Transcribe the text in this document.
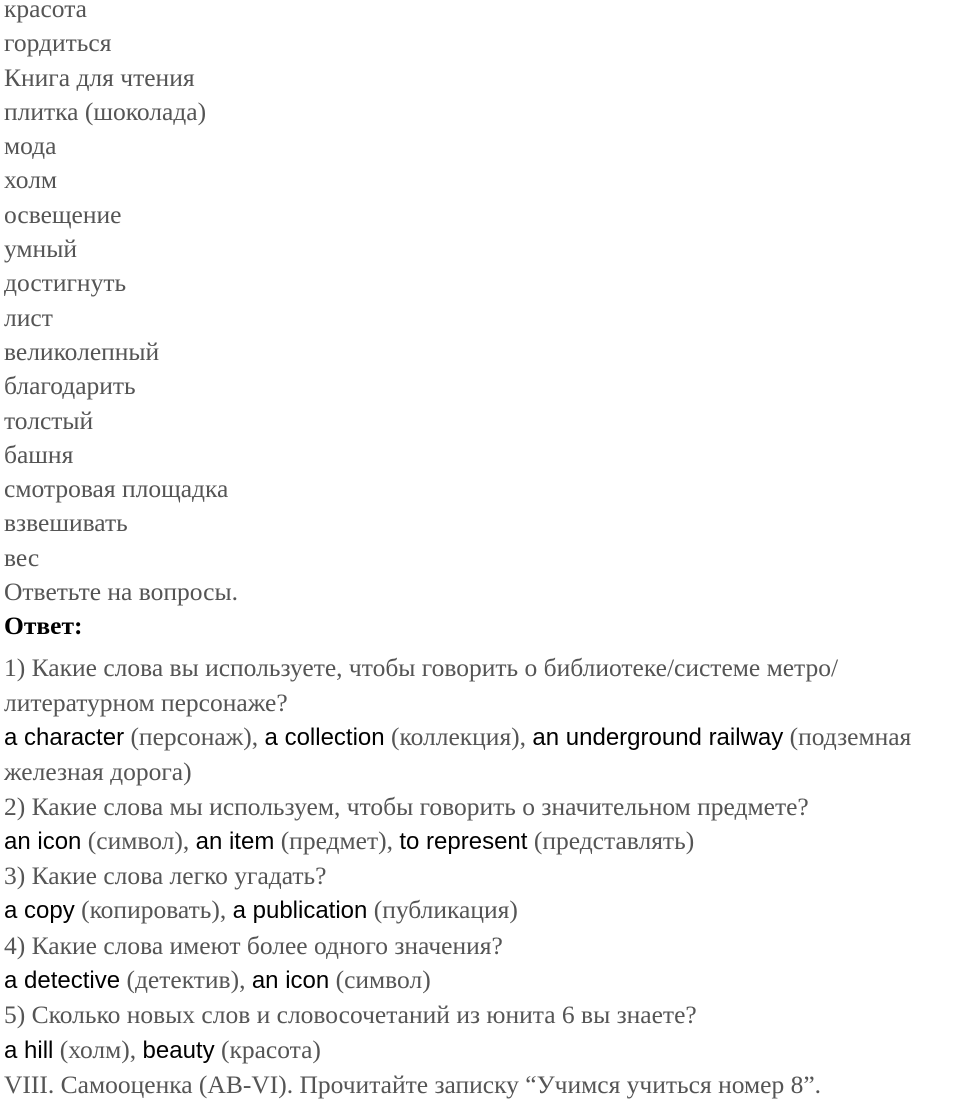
красота
гордиться
Книга для чтения
плитка (шоколада)
мода
холм
освещение
умный
достигнуть
лист
великолепный
благодарить
толстый
башня
смотровая площадка
взвешивать
вес
Ответьте на вопросы.
Ответ:
1) Какие слова вы используете, чтобы говорить о библиотеке/системе метро/литературном персонаже?
a character (персонаж), a collection (коллекция), an underground railway (подземная железная дорога)
2) Какие слова мы используем, чтобы говорить о значительном предмете?
an icon (символ), an item (предмет), to represent (представлять)
3) Какие слова легко угадать?
a copy (копировать), a publication (публикация)
4) Какие слова имеют более одного значения?
a detective (детектив), an icon (символ)
5) Сколько новых слов и словосочетаний из юнита 6 вы знаете?
a hill (холм), beauty (красота)
VIII. Самооценка (AB-VI). Прочитайте записку “Учимся учиться номер 8”.
